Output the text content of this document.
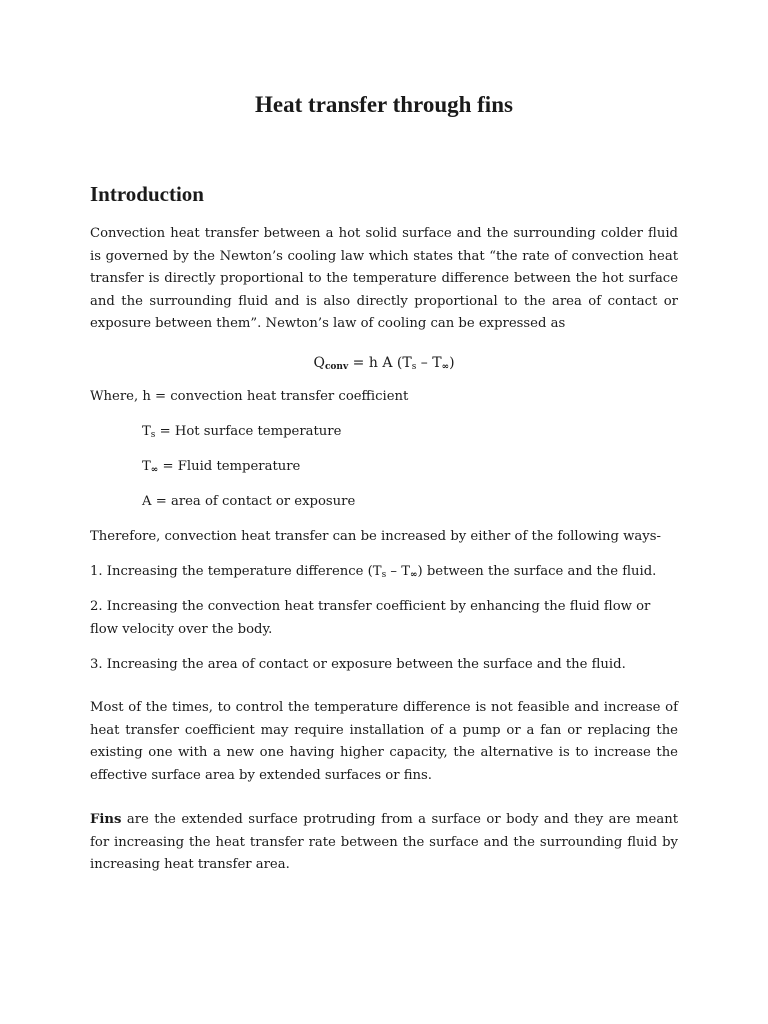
Heat transfer through fins
Introduction

Convection heat transfer between a hot solid surface and the surrounding colder fluid is governed by the Newton’s cooling law which states that “the rate of convection heat transfer is directly proportional to the temperature difference between the hot surface and the surrounding fluid and is also directly proportional to the area of contact or exposure between them”. Newton’s law of cooling can be expressed as

$Q_{conv} = h$ A $(T_s - T_\infty)$

Where, h = convection heat transfer coefficient

$T_s$ = Hot surface temperature

$T_\infty$ = Fluid temperature

A = area of contact or exposure

Therefore, convection heat transfer can be increased by either of the following ways-

1. Increasing the temperature difference $(T_s - T_\infty)$ between the surface and the fluid.

2. Increasing the convection heat transfer coefficient by enhancing the fluid flow or flow velocity over the body.

3. Increasing the area of contact or exposure between the surface and the fluid.

Most of the times, to control the temperature difference is not feasible and increase of heat transfer coefficient may require installation of a pump or a fan or replacing the existing one with a new one having higher capacity, the alternative is to increase the effective surface area by extended surfaces or fins.

Fins are the extended surface protruding from a surface or body and they are meant for increasing the heat transfer rate between the surface and the surrounding fluid by increasing heat transfer area.
